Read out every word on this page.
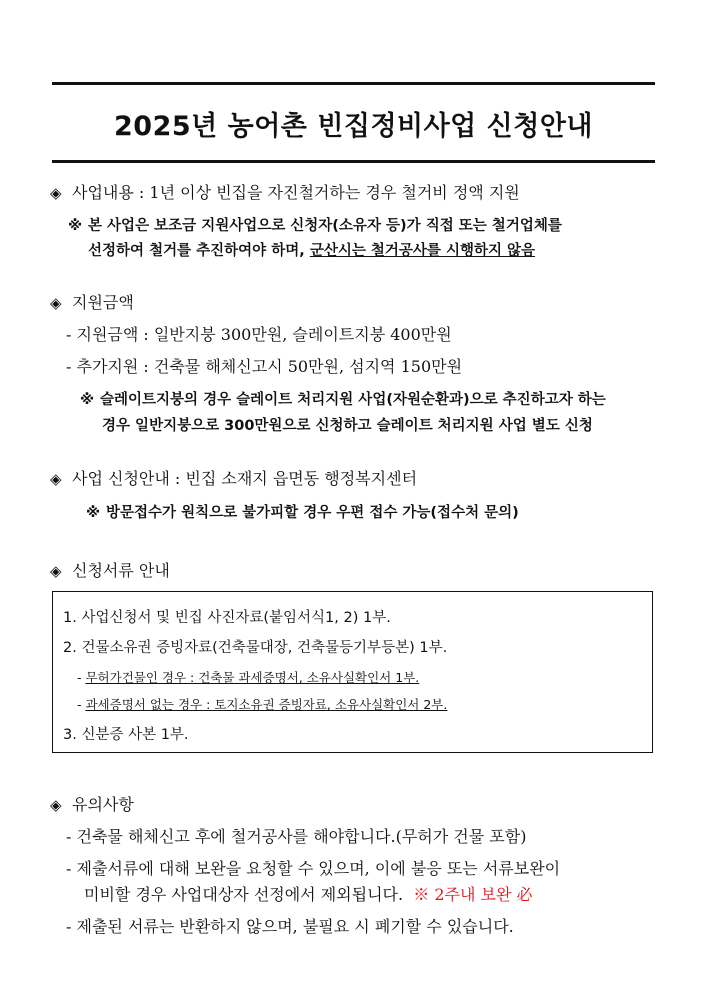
2025년 농어촌 빈집정비사업 신청안내
◈ 사업내용 : 1년 이상 빈집을 자진철거하는 경우 철거비 정액 지원
※ 본 사업은 보조금 지원사업으로 신청자(소유자 등)가 직접 또는 철거업체를
선정하여 철거를 추진하여야 하며, 군산시는 철거공사를 시행하지 않음
◈ 지원금액
- 지원금액 : 일반지붕 300만원, 슬레이트지붕 400만원
- 추가지원 : 건축물 해체신고시 50만원, 섬지역 150만원
※ 슬레이트지붕의 경우 슬레이트 처리지원 사업(자원순환과)으로 추진하고자 하는
경우 일반지붕으로 300만원으로 신청하고 슬레이트 처리지원 사업 별도 신청
◈ 사업 신청안내 : 빈집 소재지 읍면동 행정복지센터
※ 방문접수가 원칙으로 불가피할 경우 우편 접수 가능(접수처 문의)
◈ 신청서류 안내
1. 사업신청서 및 빈집 사진자료(붙임서식1, 2) 1부.
2. 건물소유권 증빙자료(건축물대장, 건축물등기부등본) 1부.
- 무허가건물인 경우 : 건축물 과세증명서, 소유사실확인서 1부.
- 과세증명서 없는 경우 : 토지소유권 증빙자료, 소유사실확인서 2부.
3. 신분증 사본 1부.
◈ 유의사항
- 건축물 해체신고 후에 철거공사를 해야합니다.(무허가 건물 포함)
- 제출서류에 대해 보완을 요청할 수 있으며, 이에 불응 또는 서류보완이
미비할 경우 사업대상자 선정에서 제외됩니다. ※ 2주내 보완 必
- 제출된 서류는 반환하지 않으며, 불필요 시 폐기할 수 있습니다.
